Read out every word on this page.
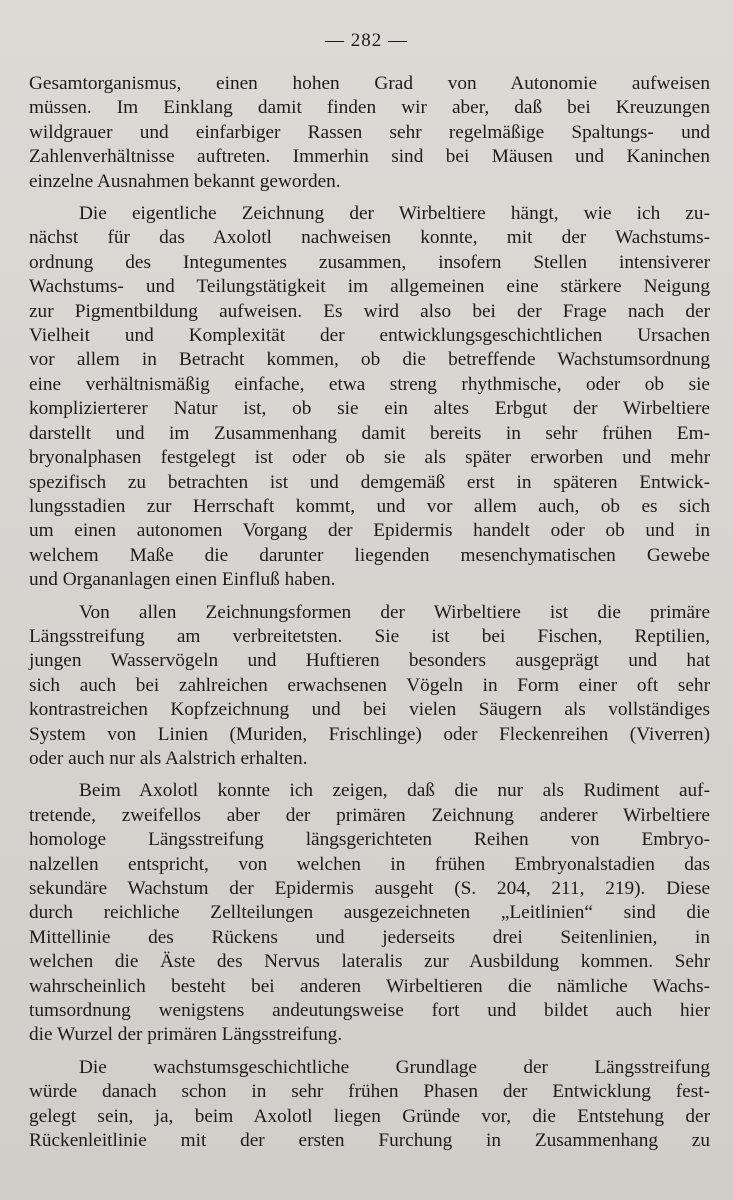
— 282 —
Gesamtorganismus, einen hohen Grad von Autonomie aufweisen
müssen. Im Einklang damit finden wir aber, daß bei Kreuzungen
wildgrauer und einfarbiger Rassen sehr regelmäßige Spaltungs- und
Zahlenverhältnisse auftreten. Immerhin sind bei Mäusen und Kaninchen
einzelne Ausnahmen bekannt geworden.
Die eigentliche Zeichnung der Wirbeltiere hängt, wie ich zu-
nächst für das Axolotl nachweisen konnte, mit der Wachstums-
ordnung des Integumentes zusammen, insofern Stellen intensiverer
Wachstums- und Teilungstätigkeit im allgemeinen eine stärkere Neigung
zur Pigmentbildung aufweisen. Es wird also bei der Frage nach der
Vielheit und Komplexität der entwicklungsgeschichtlichen Ursachen
vor allem in Betracht kommen, ob die betreffende Wachstumsordnung
eine verhältnismäßig einfache, etwa streng rhythmische, oder ob sie
komplizierterer Natur ist, ob sie ein altes Erbgut der Wirbeltiere
darstellt und im Zusammenhang damit bereits in sehr frühen Em-
bryonalphasen festgelegt ist oder ob sie als später erworben und mehr
spezifisch zu betrachten ist und demgemäß erst in späteren Entwick-
lungsstadien zur Herrschaft kommt, und vor allem auch, ob es sich
um einen autonomen Vorgang der Epidermis handelt oder ob und in
welchem Maße die darunter liegenden mesenchymatischen Gewebe
und Organanlagen einen Einfluß haben.
Von allen Zeichnungsformen der Wirbeltiere ist die primäre
Längsstreifung am verbreitetsten. Sie ist bei Fischen, Reptilien,
jungen Wasservögeln und Huftieren besonders ausgeprägt und hat
sich auch bei zahlreichen erwachsenen Vögeln in Form einer oft sehr
kontrastreichen Kopfzeichnung und bei vielen Säugern als vollständiges
System von Linien (Muriden, Frischlinge) oder Fleckenreihen (Viverren)
oder auch nur als Aalstrich erhalten.
Beim Axolotl konnte ich zeigen, daß die nur als Rudiment auf-
tretende, zweifellos aber der primären Zeichnung anderer Wirbeltiere
homologe Längsstreifung längsgerichteten Reihen von Embryo-
nalzellen entspricht, von welchen in frühen Embryonalstadien das
sekundäre Wachstum der Epidermis ausgeht (S. 204, 211, 219). Diese
durch reichliche Zellteilungen ausgezeichneten „Leitlinien“ sind die
Mittellinie des Rückens und jederseits drei Seitenlinien, in
welchen die Äste des Nervus lateralis zur Ausbildung kommen. Sehr
wahrscheinlich besteht bei anderen Wirbeltieren die nämliche Wachs-
tumsordnung wenigstens andeutungsweise fort und bildet auch hier
die Wurzel der primären Längsstreifung.
Die wachstumsgeschichtliche Grundlage der Längsstreifung
würde danach schon in sehr frühen Phasen der Entwicklung fest-
gelegt sein, ja, beim Axolotl liegen Gründe vor, die Entstehung der
Rückenleitlinie mit der ersten Furchung in Zusammenhang zu
